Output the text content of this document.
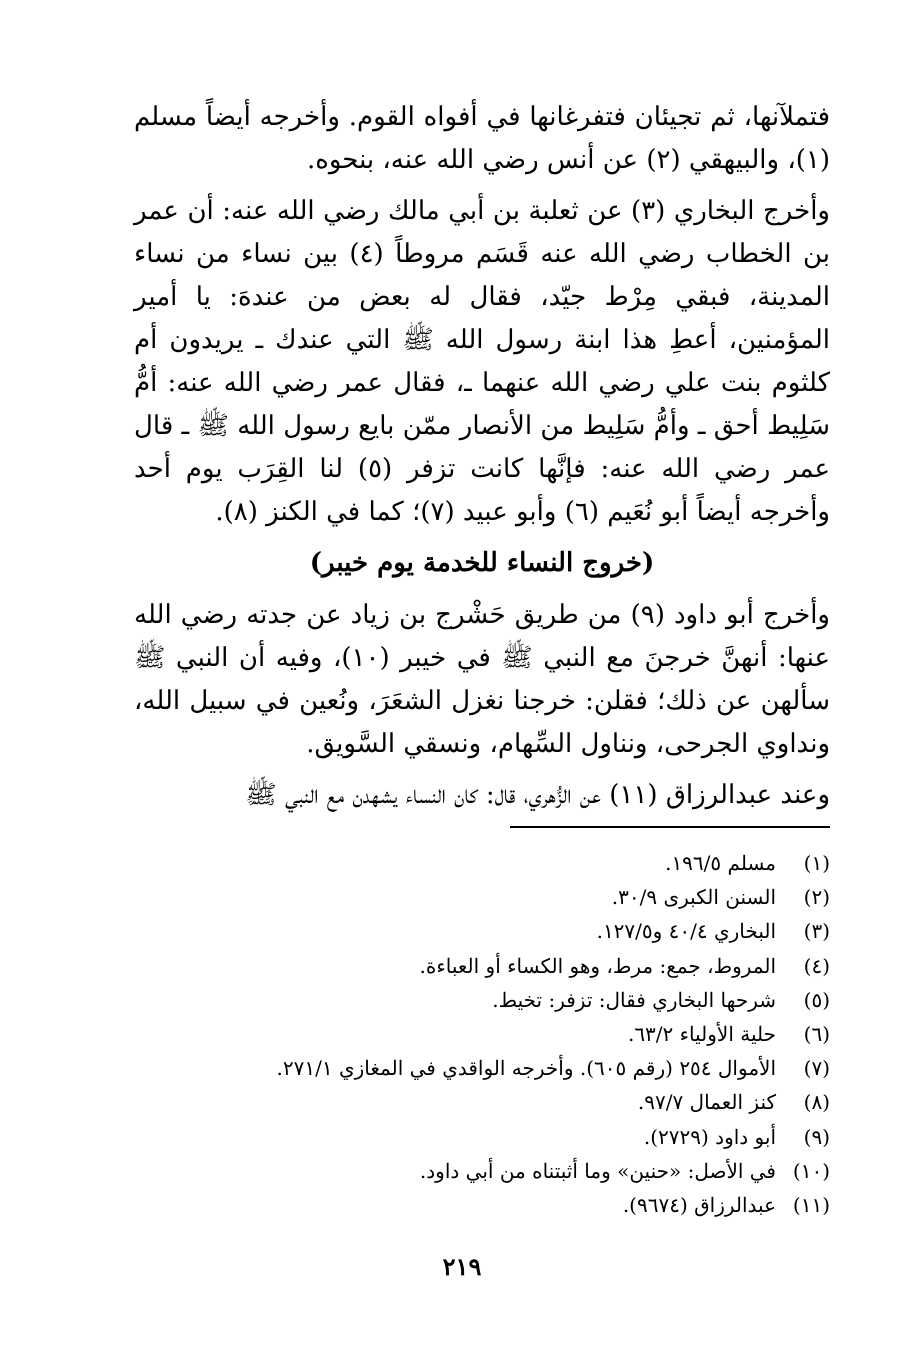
فتملآنها، ثم تجيئان فتفرغانها في أفواه القوم. وأخرجه أيضاً مسلم (١)، والبيهقي (٢) عن أنس رضي الله عنه، بنحوه.

وأخرج البخاري (٣) عن ثعلبة بن أبي مالك رضي الله عنه: أن عمر بن الخطاب رضي الله عنه قَسَم مروطاً (٤) بين نساء من نساء المدينة، فبقي مِرْط جيّد، فقال له بعض من عندهَ: يا أمير المؤمنين، أعطِ هذا ابنة رسول الله ﷺ التي عندك ـ يريدون أم كلثوم بنت علي رضي الله عنهما ـ، فقال عمر رضي الله عنه: أمُّ سَلِيط أحق ـ وأمُّ سَلِيط من الأنصار ممّن بايع رسول الله ﷺ ـ قال عمر رضي الله عنه: فإنَّها كانت تزفر (٥) لنا القِرَب يوم أحد وأخرجه أيضاً أبو نُعَيم (٦) وأبو عبيد (٧)؛ كما في الكنز (٨).

(خروج النساء للخدمة يوم خيبر)

وأخرج أبو داود (٩) من طريق حَشْرج بن زياد عن جدته رضي الله عنها: أنهنَّ خرجنَ مع النبي ﷺ في خيبر (١٠)، وفيه أن النبي ﷺ سألهن عن ذلك؛ فقلن: خرجنا نغزل الشعَرَ، ونُعين في سبيل الله، ونداوي الجرحى، ونناول السِّهام، ونسقي السَّويق.

وعند عبدالرزاق (١١) عن الزُّهري، قال: كان النساء يشهدن مع النبي ﷺ

(١)
مسلم ١٩٦/٥.
(٢)
السنن الكبرى ٣٠/٩.
(٣)
البخاري ٤٠/٤ و١٢٧/٥.
(٤)
المروط، جمع: مرط، وهو الكساء أو العباءة.
(٥)
شرحها البخاري فقال: تزفر: تخيط.
(٦)
حلية الأولياء ٦٣/٢.
(٧)
الأموال ٢٥٤ (رقم ٦٠٥). وأخرجه الواقدي في المغازي ٢٧١/١.
(٨)
كنز العمال ٩٧/٧.
(٩)
أبو داود (٢٧٢٩).
(١٠)
في الأصل: «حنين» وما أثبتناه من أبي داود.
(١١)
عبدالرزاق (٩٦٧٤).
٢١٩
